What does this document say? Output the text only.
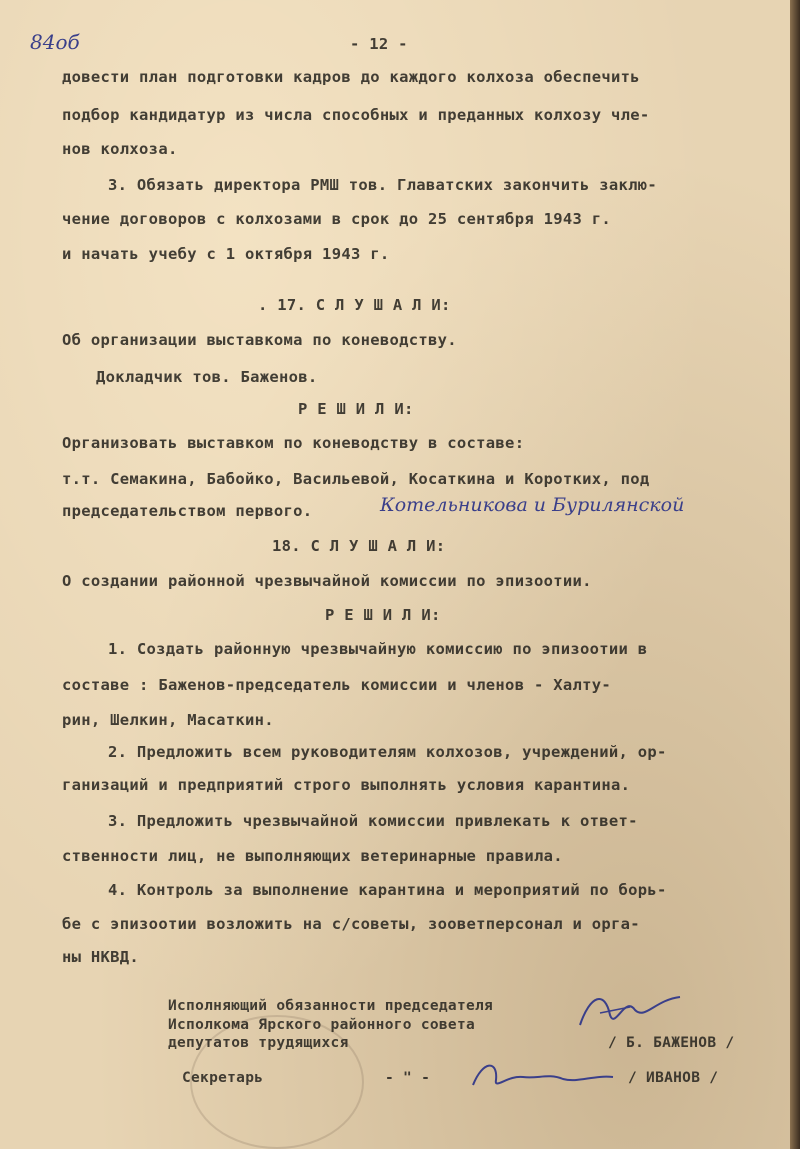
84об	- 12 -
довести план подготовки кадров до каждого колхоза обеспечить
подбор кандидатур из числа способных и преданных колхозу чле-
нов колхоза.
3. Обязать директора РМШ тов. Главатских закончить заклю-
чение договоров с колхозами в срок до 25 сентября 1943 г.
и начать учебу с 1 октября 1943 г.
. 17. С Л У Ш А Л И:
Об организации выставкома по коневодству.
Докладчик тов. Баженов.
Р Е Ш И Л И:
Организовать выставком по коневодству в составе:
т.т. Семакина, Бабойко, Васильевой, Косаткина и Коротких, под
председательством первого.	Котельникова и Бурилянской
18. С Л У Ш А Л И:
О создании районной чрезвычайной комиссии по эпизоотии.
Р Е Ш И Л И:
1. Создать районную чрезвычайную комиссию по эпизоотии в
составе : Баженов-председатель комиссии и членов - Халту-
рин, Шелкин, Масаткин.
2. Предложить всем руководителям колхозов, учреждений, ор-
ганизаций и предприятий строго выполнять условия карантина.
3. Предложить чрезвычайной комиссии привлекать к ответ-
ственности лиц, не выполняющих ветеринарные правила.
4. Контроль за выполнение карантина и мероприятий по борь-
бе с эпизоотии возложить на с/советы, зооветперсонал и орга-
ны НКВД.
Исполняющий обязанности председателя
Исполкома Ярского районного совета
депутатов трудящихся	/ Б. БАЖЕНОВ /
Секретарь	- " -	/ ИВАНОВ /
